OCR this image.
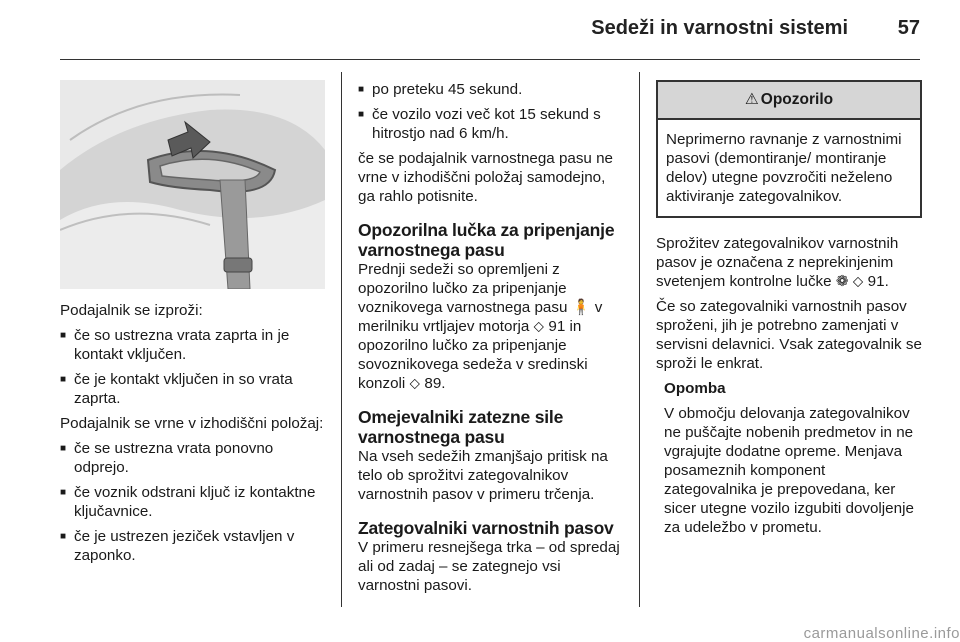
Sedeži in varnostni sistemi 57

Podajalnik se izproži:

■ če so ustrezna vrata zaprta in je kontakt vključen.
■ če je kontakt vključen in so vrata zaprta.

Podajalnik se vrne v izhodiščni položaj:

■ če se ustrezna vrata ponovno odprejo.
■ če voznik odstrani ključ iz kontaktne ključavnice.
■ če je ustrezen jeziček vstavljen v zaponko.
■ po preteku 45 sekund.
■ če vozilo vozi več kot 15 sekund s hitrostjo nad 6 km/h.

če se podajalnik varnostnega pasu ne vrne v izhodiščni položaj samodejno, ga rahlo potisnite.

Opozorilna lučka za pripenjanje varnostnega pasu

Prednji sedeži so opremljeni z opozorilno lučko za pripenjanje voznikovega varnostnega pasu 🧍 v merilniku vrtljajev motorja ⬦ 91 in opozorilno lučko za pripenjanje sovoznikovega sedeža v sredinski konzoli ⬦ 89.

Omejevalniki zatezne sile varnostnega pasu

Na vseh sedežih zmanjšajo pritisk na telo ob sprožitvi zategovalnikov varnostnih pasov v primeru trčenja.

Zategovalniki varnostnih pasov

V primeru resnejšega trka – od spredaj ali od zadaj – se zategnejo vsi varnostni pasovi.

⚠ Opozorilo
Neprimerno ravnanje z varnostnimi pasovi (demontiranje/ montiranje delov) utegne povzročiti neželeno aktiviranje zategovalnikov.

Sprožitev zategovalnikov varnostnih pasov je označena z neprekinjenim svetenjem kontrolne lučke ❁ ⬦ 91.

Če so zategovalniki varnostnih pasov sproženi, jih je potrebno zamenjati v servisni delavnici. Vsak zategovalnik se sproži le enkrat.

Opomba

V območju delovanja zategovalnikov ne puščajte nobenih predmetov in ne vgrajujte dodatne opreme. Menjava posameznih komponent zategovalnika je prepovedana, ker sicer utegne vozilo izgubiti dovoljenje za udeležbo v prometu.

carmanualsonline.info
